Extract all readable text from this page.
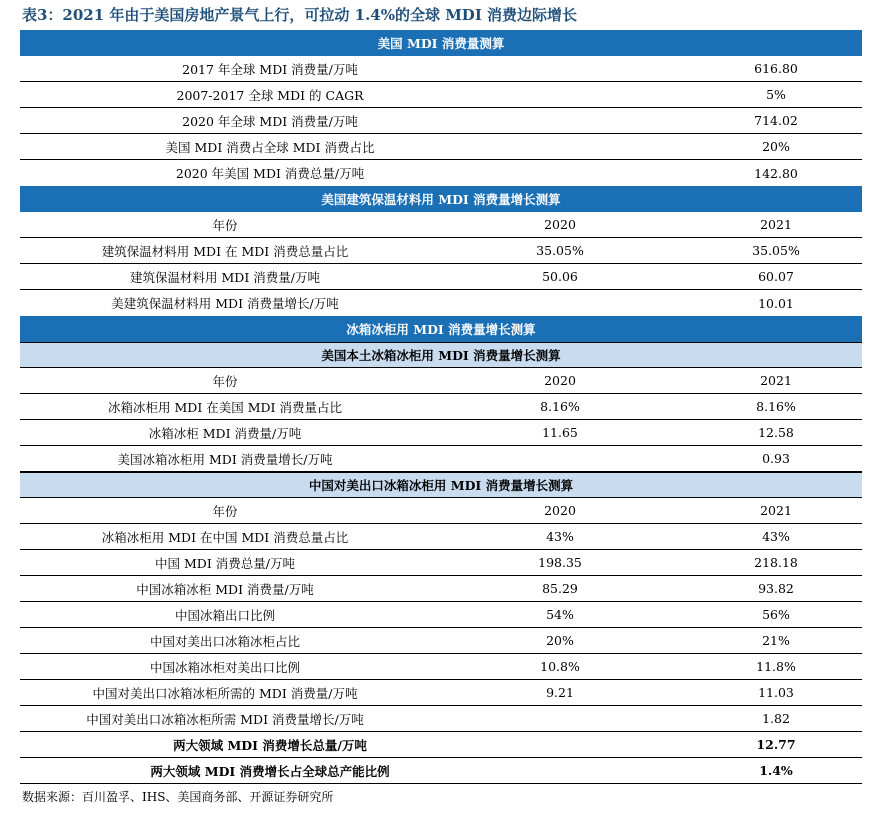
表3：2021 年由于美国房地产景气上行，可拉动 1.4%的全球 MDI 消费边际增长
美国 MDI 消费量测算
2017 年全球 MDI 消费量/万吨	616.80
2007-2017 全球 MDI 的 CAGR	5%
2020 年全球 MDI 消费量/万吨	714.02
美国 MDI 消费占全球 MDI 消费占比	20%
2020 年美国 MDI 消费总量/万吨	142.80
美国建筑保温材料用 MDI 消费量增长测算
年份	2020	2021
建筑保温材料用 MDI 在 MDI 消费总量占比	35.05%	35.05%
建筑保温材料用 MDI 消费量/万吨	50.06	60.07
美建筑保温材料用 MDI 消费量增长/万吨	10.01
冰箱冰柜用 MDI 消费量增长测算
美国本土冰箱冰柜用 MDI 消费量增长测算
年份	2020	2021
冰箱冰柜用 MDI 在美国 MDI 消费量占比	8.16%	8.16%
冰箱冰柜 MDI 消费量/万吨	11.65	12.58
美国冰箱冰柜用 MDI 消费量增长/万吨	0.93
中国对美出口冰箱冰柜用 MDI 消费量增长测算
年份	2020	2021
冰箱冰柜用 MDI 在中国 MDI 消费总量占比	43%	43%
中国 MDI 消费总量/万吨	198.35	218.18
中国冰箱冰柜 MDI 消费量/万吨	85.29	93.82
中国冰箱出口比例	54%	56%
中国对美出口冰箱冰柜占比	20%	21%
中国冰箱冰柜对美出口比例	10.8%	11.8%
中国对美出口冰箱冰柜所需的 MDI 消费量/万吨	9.21	11.03
中国对美出口冰箱冰柜所需 MDI 消费量增长/万吨	1.82
两大领域 MDI 消费增长总量/万吨	12.77
两大领域 MDI 消费增长占全球总产能比例	1.4%
数据来源：百川盈孚、IHS、美国商务部、开源证券研究所
